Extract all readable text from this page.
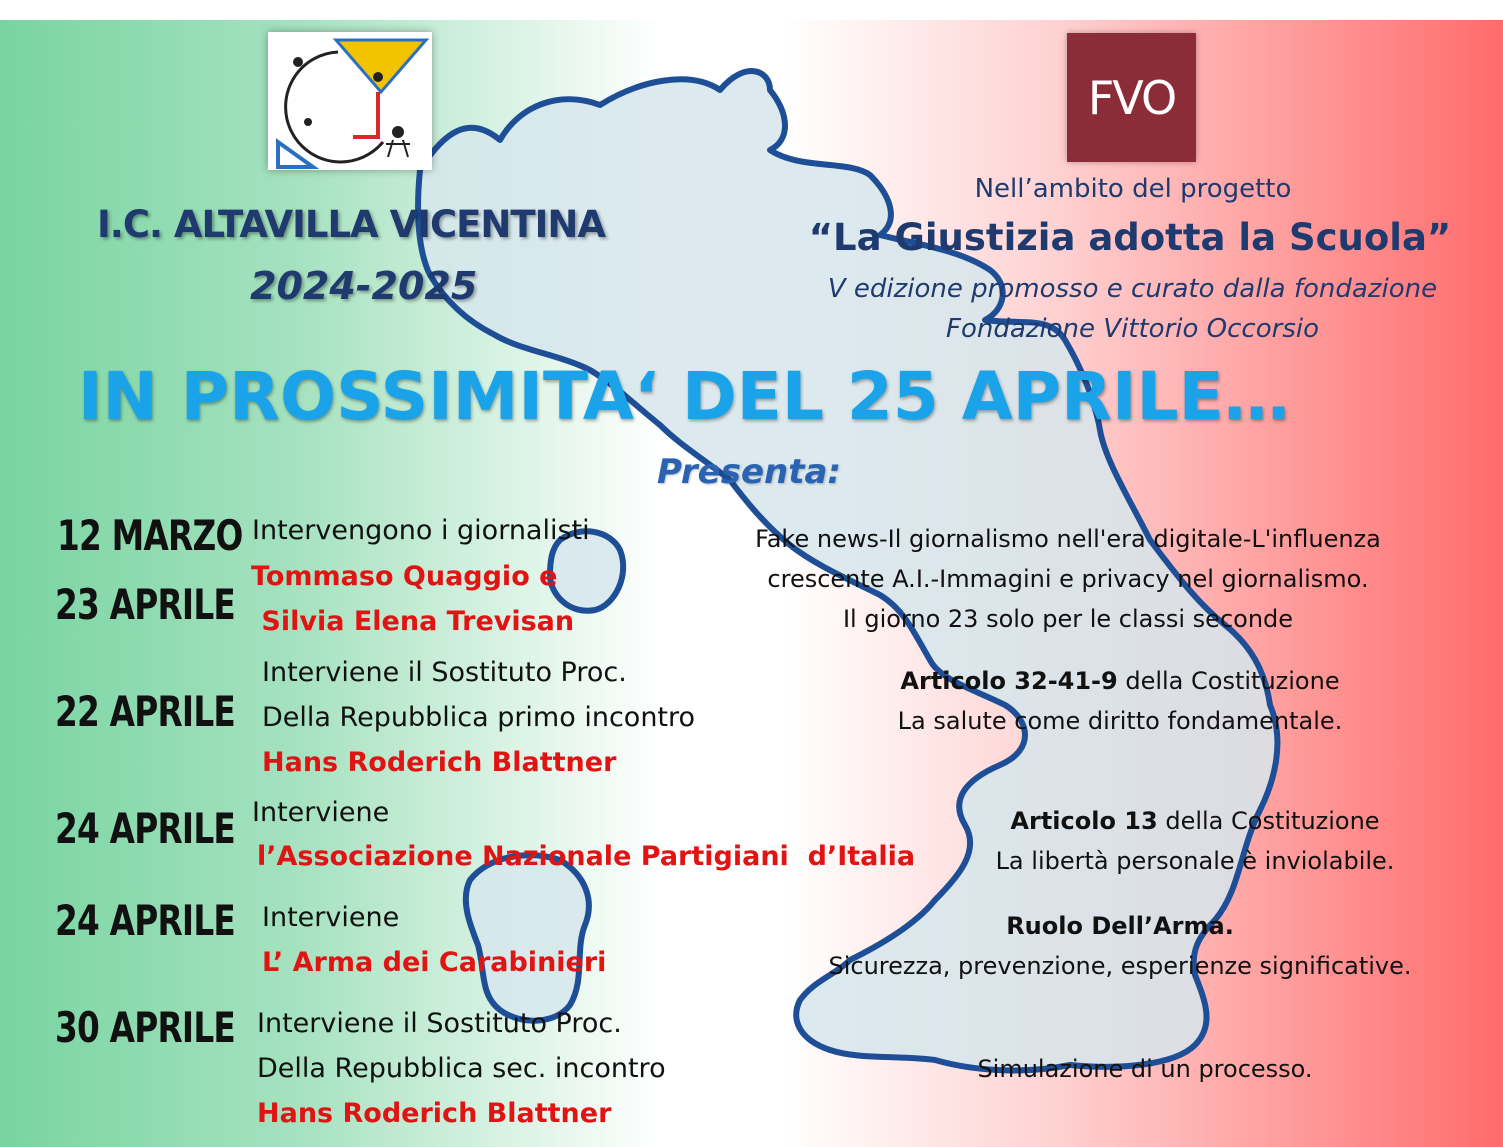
FVO
I.C. ALTAVILLA VICENTINA
2024-2025
Nell’ambito del progetto
“La Giustizia adotta la Scuola”
V edizione promosso e curato dalla fondazione
Fondazione Vittorio Occorsio
IN PROSSIMITA‘ DEL 25 APRILE…
Presenta:
12 MARZO
23 APRILE
Intervengono i giornalisti
Tommaso Quaggio e
Silvia Elena Trevisan
Fake news-Il giornalismo nell'era digitale-L'influenza
crescente A.I.-Immagini e privacy nel giornalismo.
Il giorno 23 solo per le classi seconde
22 APRILE
Interviene il Sostituto Proc.
Della Repubblica primo incontro
Hans Roderich Blattner
Articolo 32-41-9 della Costituzione
La salute come diritto fondamentale.
24 APRILE Interviene
l’Associazione Nazionale Partigiani  d’Italia
Articolo 13 della Costituzione
La libertà personale è inviolabile.
24 APRILE Interviene
L’ Arma dei Carabinieri
Ruolo Dell’Arma.
Sicurezza, prevenzione, esperienze significative.
30 APRILE Interviene il Sostituto Proc.
Della Repubblica sec. incontro
Hans Roderich Blattner
Simulazione di un processo.
